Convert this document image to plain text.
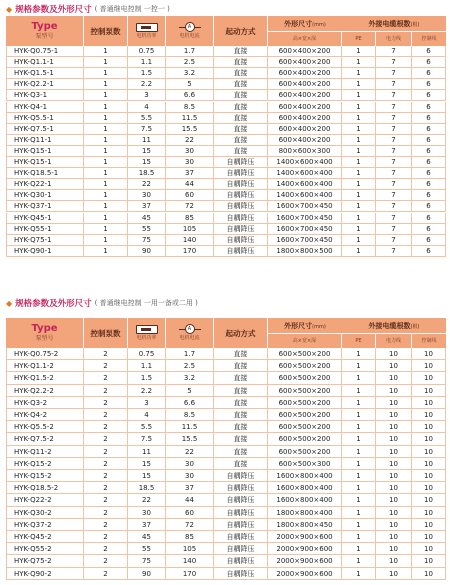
◆ 规格参数及外形尺寸 ( 普通继电控制 一控一 )
Type
泵型号
控制泵数	电机功率
A
电机电流	起动方式
外形尺寸(mm)
高×宽×深
外接电缆根数(根)
PE	电力线	控制线
HYK-Q0.75-1	1	0.75	1.7	直接	600×400×200	1	7	6
HYK-Q1.1-1	1	1.1	2.5	直接	600×400×200	1	7	6
HYK-Q1.5-1	1	1.5	3.2	直接	600×400×200	1	7	6
HYK-Q2.2-1	1	2.2	5	直接	600×400×200	1	7	6
HYK-Q3-1	1	3	6.6	直接	600×400×200	1	7	6
HYK-Q4-1	1	4	8.5	直接	600×400×200	1	7	6
HYK-Q5.5-1	1	5.5	11.5	直接	600×400×200	1	7	6
HYK-Q7.5-1	1	7.5	15.5	直接	600×400×200	1	7	6
HYK-Q11-1	1	11	22	直接	600×400×200	1	7	6
HYK-Q15-1	1	15	30	直接	800×600×300	1	7	6
HYK-Q15-1	1	15	30	自耦降压	1400×600×400	1	7	6
HYK-Q18.5-1	1	18.5	37	自耦降压	1400×600×400	1	7	6
HYK-Q22-1	1	22	44	自耦降压	1400×600×400	1	7	6
HYK-Q30-1	1	30	60	自耦降压	1400×600×400	1	7	6
HYK-Q37-1	1	37	72	自耦降压	1600×700×450	1	7	6
HYK-Q45-1	1	45	85	自耦降压	1600×700×450	1	7	6
HYK-Q55-1	1	55	105	自耦降压	1600×700×450	1	7	6
HYK-Q75-1	1	75	140	自耦降压	1600×700×450	1	7	6
HYK-Q90-1	1	90	170	自耦降压	1800×800×500	1	7	6
◆ 规格参数及外形尺寸 ( 普通继电控制 一用一备或二用 )
Type
泵型号
控制泵数	电机功率
A
电机电流	起动方式
外形尺寸(mm)
高×宽×深
外接电缆根数(根)
PE	电力线	控制线
HYK-Q0.75-2	2	0.75	1.7	直接	600×500×200	1	10	10
HYK-Q1.1-2	2	1.1	2.5	直接	600×500×200	1	10	10
HYK-Q1.5-2	2	1.5	3.2	直接	600×500×200	1	10	10
HYK-Q2.2-2	2	2.2	5	直接	600×500×200	1	10	10
HYK-Q3-2	2	3	6.6	直接	600×500×200	1	10	10
HYK-Q4-2	2	4	8.5	直接	600×500×200	1	10	10
HYK-Q5.5-2	2	5.5	11.5	直接	600×500×200	1	10	10
HYK-Q7.5-2	2	7.5	15.5	直接	600×500×200	1	10	10
HYK-Q11-2	2	11	22	直接	600×500×200	1	10	10
HYK-Q15-2	2	15	30	直接	600×500×300	1	10	10
HYK-Q15-2	2	15	30	自耦降压	1600×800×400	1	10	10
HYK-Q18.5-2	2	18.5	37	自耦降压	1600×800×400	1	10	10
HYK-Q22-2	2	22	44	自耦降压	1600×800×400	1	10	10
HYK-Q30-2	2	30	60	自耦降压	1800×800×400	1	10	10
HYK-Q37-2	2	37	72	自耦降压	1800×800×450	1	10	10
HYK-Q45-2	2	45	85	自耦降压	2000×900×600	1	10	10
HYK-Q55-2	2	55	105	自耦降压	2000×900×600	1	10	10
HYK-Q75-2	2	75	140	自耦降压	2000×900×600	1	10	10
HYK-Q90-2	2	90	170	自耦降压	2000×900×600	1	10	10
